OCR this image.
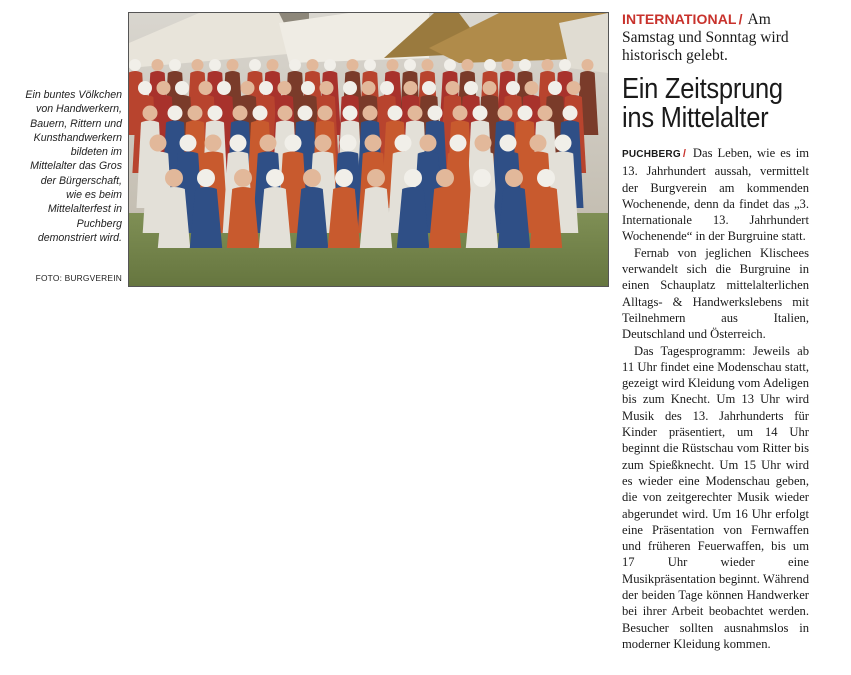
Ein buntes Völkchen von Handwerkern, Bauern, Rittern und Kunsthandwerkern bildeten im Mittelalter das Gros der Bürgerschaft, wie es beim Mittelalterfest in Puchberg demonstriert wird.
FOTO: BURGVEREIN

INTERNATIONAL / Am Samstag und Sonntag wird historisch gelebt.

Ein Zeitsprung
ins Mittelalter

PUCHBERG / Das Leben, wie es im 13. Jahrhundert aussah, vermittelt der Burgverein am kommenden Wochenende, denn da findet das „3. Internationale 13. Jahrhundert Wochenende“ in der Burgruine statt.

Fernab von jeglichen Klischees verwandelt sich die Burgruine in einen Schauplatz mittelalterlichen Alltags- & Handwerkslebens mit Teilnehmern aus Italien, Deutschland und Österreich.

Das Tagesprogramm: Jeweils ab 11 Uhr findet eine Modenschau statt, gezeigt wird Kleidung vom Adeligen bis zum Knecht. Um 13 Uhr wird Musik des 13. Jahrhunderts für Kinder präsentiert, um 14 Uhr beginnt die Rüstschau vom Ritter bis zum Spießknecht. Um 15 Uhr wird es wieder eine Modenschau geben, die von zeitgerechter Musik wieder abgerundet wird. Um 16 Uhr erfolgt eine Präsentation von Fernwaffen und früheren Feuerwaffen, bis um 17 Uhr wieder eine Musikpräsentation beginnt. Während der beiden Tage können Handwerker bei ihrer Arbeit beobachtet werden. Besucher sollten ausnahmslos in moderner Kleidung kommen.
